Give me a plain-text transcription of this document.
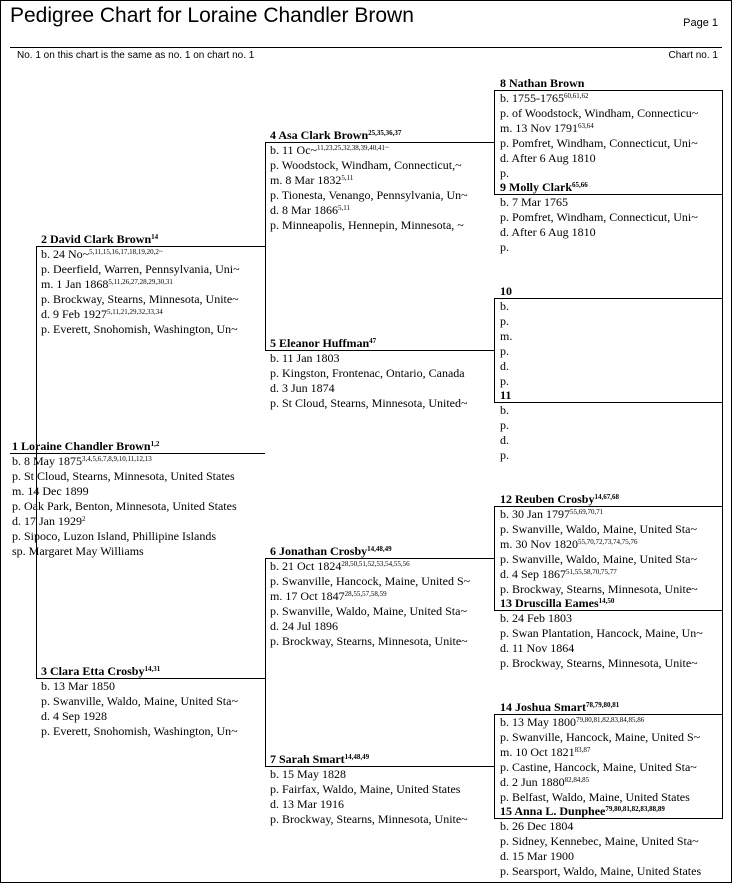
Pedigree Chart for Loraine Chandler Brown	Page 1
No. 1 on this chart is the same as no. 1 on chart no. 1	Chart no. 1
1 Loraine Chandler Brown$^{1,2}$
b. 8 May 1875$^{3,4,5,6,7,8,9,10,11,12,13}$
p. St Cloud, Stearns, Minnesota, United States
m. 14 Dec 1899
p. Oak Park, Benton, Minnesota, United States
d. 17 Jan 1929$^2$
p. Sipoco, Luzon Island, Phillipine Islands
sp. Margaret May Williams
2 David Clark Brown$^{14}$
b. 24 No~$^{5,11,15,16,17,18,19,20,2\sim}$
p. Deerfield, Warren, Pennsylvania, Uni~
m. 1 Jan 1868$^{5,11,26,27,28,29,30,31}$
p. Brockway, Stearns, Minnesota, Unite~
d. 9 Feb 1927$^{5,11,21,29,32,33,34}$
p. Everett, Snohomish, Washington, Un~
3 Clara Etta Crosby$^{14,31}$
b. 13 Mar 1850
p. Swanville, Waldo, Maine, United Sta~
d. 4 Sep 1928
p. Everett, Snohomish, Washington, Un~
4 Asa Clark Brown$^{25,35,36,37}$
b. 11 Oc~$^{11,23,25,32,38,39,40,41\sim}$
p. Woodstock, Windham, Connecticut,~
m. 8 Mar 1832$^{5,11}$
p. Tionesta, Venango, Pennsylvania, Un~
d. 8 Mar 1866$^{5,11}$
p. Minneapolis, Hennepin, Minnesota, ~
5 Eleanor Huffman$^{47}$
b. 11 Jan 1803
p. Kingston, Frontenac, Ontario, Canada
d. 3 Jun 1874
p. St Cloud, Stearns, Minnesota, United~
6 Jonathan Crosby$^{14,48,49}$
b. 21 Oct 1824$^{28,50,51,52,53,54,55,56}$
p. Swanville, Hancock, Maine, United S~
m. 17 Oct 1847$^{28,55,57,58,59}$
p. Swanville, Waldo, Maine, United Sta~
d. 24 Jul 1896
p. Brockway, Stearns, Minnesota, Unite~
7 Sarah Smart$^{14,48,49}$
b. 15 May 1828
p. Fairfax, Waldo, Maine, United States
d. 13 Mar 1916
p. Brockway, Stearns, Minnesota, Unite~
8 Nathan Brown
b. 1755-1765$^{60,61,62}$
p. of Woodstock, Windham, Connecticu~
m. 13 Nov 1791$^{63,64}$
p. Pomfret, Windham, Connecticut, Uni~
d. After 6 Aug 1810
p.
9 Molly Clark$^{65,66}$
b. 7 Mar 1765
p. Pomfret, Windham, Connecticut, Uni~
d. After 6 Aug 1810
p.
10
b.
p.
m.
p.
d.
p.
11
b.
p.
d.
p.
12 Reuben Crosby$^{14,67,68}$
b. 30 Jan 1797$^{55,69,70,71}$
p. Swanville, Waldo, Maine, United Sta~
m. 30 Nov 1820$^{55,70,72,73,74,75,76}$
p. Swanville, Waldo, Maine, United Sta~
d. 4 Sep 1867$^{51,55,58,70,75,77}$
p. Brockway, Stearns, Minnesota, Unite~
13 Druscilla Eames$^{14,50}$
b. 24 Feb 1803
p. Swan Plantation, Hancock, Maine, Un~
d. 11 Nov 1864
p. Brockway, Stearns, Minnesota, Unite~
14 Joshua Smart$^{78,79,80,81}$
b. 13 May 1800$^{79,80,81,82,83,84,85,86}$
p. Swanville, Hancock, Maine, United S~
m. 10 Oct 1821$^{83,87}$
p. Castine, Hancock, Maine, United Sta~
d. 2 Jun 1880$^{82,84,85}$
p. Belfast, Waldo, Maine, United States
15 Anna L. Dunphee$^{79,80,81,82,83,88,89}$
b. 26 Dec 1804
p. Sidney, Kennebec, Maine, United Sta~
d. 15 Mar 1900
p. Searsport, Waldo, Maine, United States
